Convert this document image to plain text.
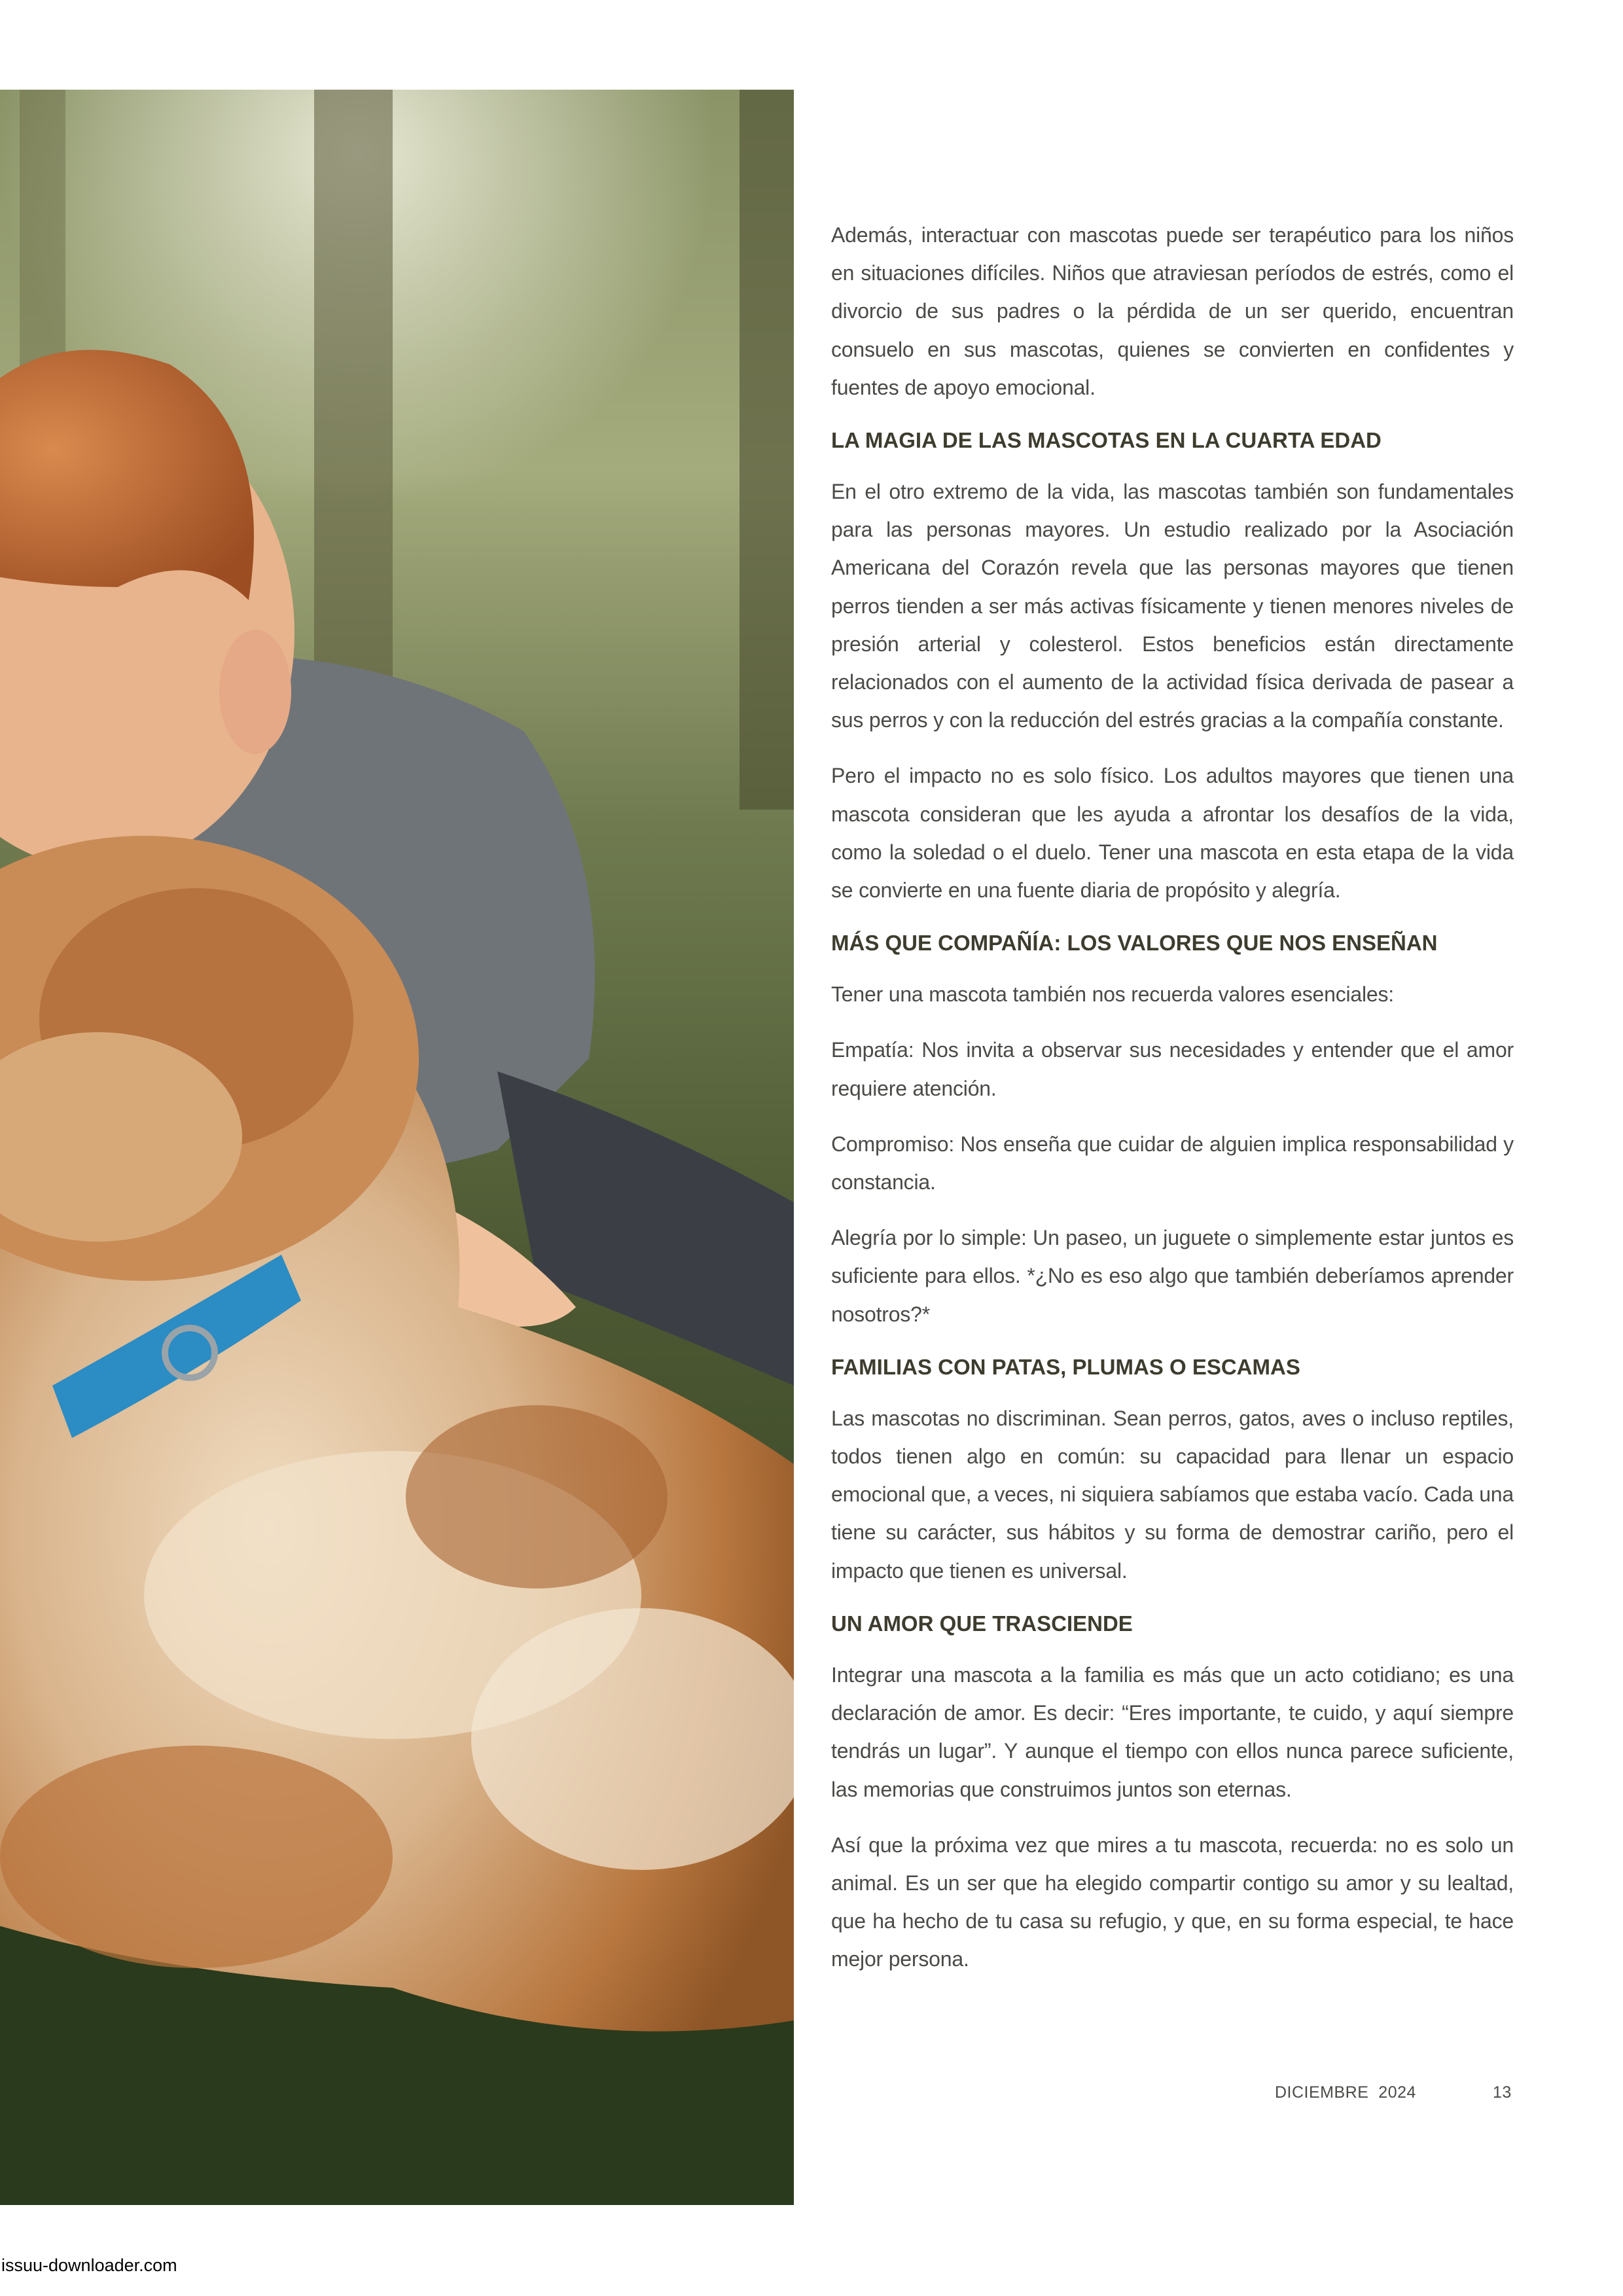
Además, interactuar con mascotas puede ser terapéutico para los niños en situaciones difíciles. Niños que atraviesan períodos de estrés, como el divorcio de sus padres o la pérdida de un ser querido, encuentran consuelo en sus mascotas, quienes se convierten en confidentes y fuentes de apoyo emocional.

LA MAGIA DE LAS MASCOTAS EN LA CUARTA EDAD

En el otro extremo de la vida, las mascotas también son fundamentales para las personas mayores. Un estudio realizado por la Asociación Americana del Corazón revela que las personas mayores que tienen perros tienden a ser más activas físicamente y tienen menores niveles de presión arterial y colesterol. Estos beneficios están directamente relacionados con el aumento de la actividad física derivada de pasear a sus perros y con la reducción del estrés gracias a la compañía constante.

Pero el impacto no es solo físico. Los adultos mayores que tienen una mascota consideran que les ayuda a afrontar los desafíos de la vida, como la soledad o el duelo. Tener una mascota en esta etapa de la vida se convierte en una fuente diaria de propósito y alegría.

MÁS QUE COMPAÑÍA: LOS VALORES QUE NOS ENSEÑAN

Tener una mascota también nos recuerda valores esenciales:

Empatía: Nos invita a observar sus necesidades y entender que el amor requiere atención.

Compromiso: Nos enseña que cuidar de alguien implica responsabilidad y constancia.

Alegría por lo simple: Un paseo, un juguete o simplemente estar juntos es suficiente para ellos. *¿No es eso algo que también deberíamos aprender nosotros?*

FAMILIAS CON PATAS, PLUMAS O ESCAMAS

Las mascotas no discriminan. Sean perros, gatos, aves o incluso reptiles, todos tienen algo en común: su capacidad para llenar un espacio emocional que, a veces, ni siquiera sabíamos que estaba vacío. Cada una tiene su carácter, sus hábitos y su forma de demostrar cariño, pero el impacto que tienen es universal.

UN AMOR QUE TRASCIENDE

Integrar una mascota a la familia es más que un acto cotidiano; es una declaración de amor. Es decir: “Eres importante, te cuido, y aquí siempre tendrás un lugar”. Y aunque el tiempo con ellos nunca parece suficiente, las memorias que construimos juntos son eternas.

Así que la próxima vez que mires a tu mascota, recuerda: no es solo un animal. Es un ser que ha elegido compartir contigo su amor y su lealtad, que ha hecho de tu casa su refugio, y que, en su forma especial, te hace mejor persona.

DICIEMBRE  2024	13
issuu-downloader.com
